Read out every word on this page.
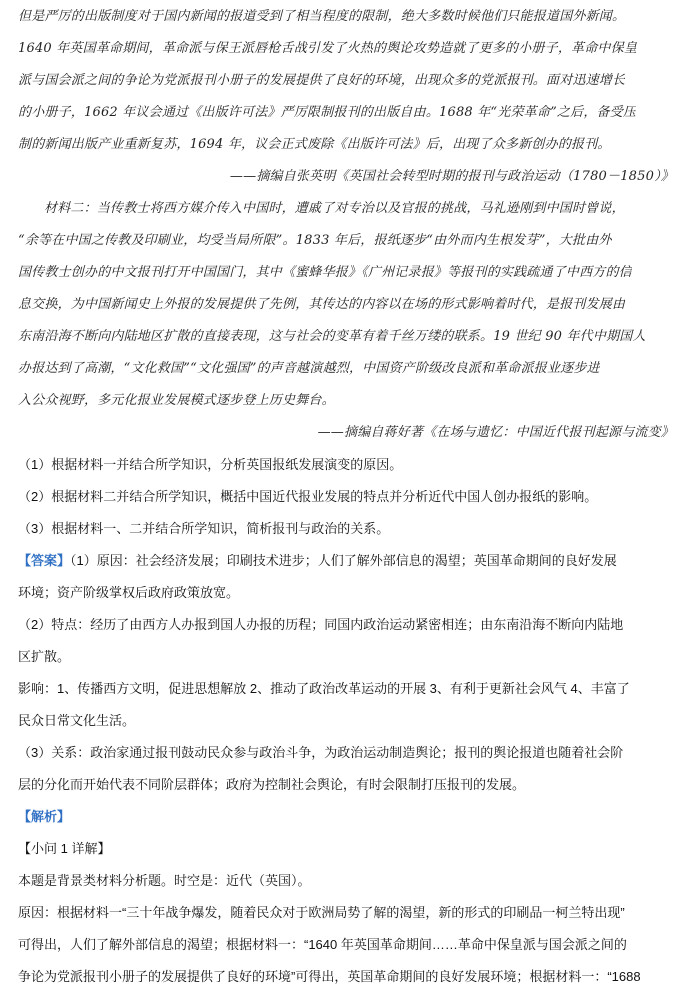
但是严厉的出版制度对于国内新闻的报道受到了相当程度的限制，绝大多数时候他们只能报道国外新闻。
1640 年英国革命期间，革命派与保王派唇枪舌战引发了火热的舆论攻势造就了更多的小册子，革命中保皇
派与国会派之间的争论为党派报刊小册子的发展提供了良好的环境，出现众多的党派报刊。面对迅速增长
的小册子，1662 年议会通过《出版许可法》严厉限制报刊的出版自由。1688 年“光荣革命”之后，备受压
制的新闻出版产业重新复苏，1694 年，议会正式废除《出版许可法》后，出现了众多新创办的报刊。
——摘编自张英明《英国社会转型时期的报刊与政治运动（1780－1850）》
材料二：当传教士将西方媒介传入中国时，遭戚了对专治以及官报的挑战，马礼逊刚到中国时曾说，
“余等在中国之传教及印刷业，均受当局所限”。1833 年后，报纸逐步“由外而内生根发芽”，大批由外
国传教士创办的中文报刊打开中国国门，其中《蜜蜂华报》《广州记录报》等报刊的实践疏通了中西方的信
息交换，为中国新闻史上外报的发展提供了先例，其传达的内容以在场的形式影响着时代，是报刊发展由
东南沿海不断向内陆地区扩散的直接表现，这与社会的变革有着千丝万缕的联系。19 世纪 90 年代中期国人
办报达到了高潮，“文化救国”“文化强国”的声音越演越烈，中国资产阶级改良派和革命派报业逐步进
入公众视野，多元化报业发展模式逐步登上历史舞台。
——摘编自蒋好著《在场与遗忆：中国近代报刊起源与流变》
（1）根据材料一并结合所学知识，分析英国报纸发展演变的原因。
（2）根据材料二并结合所学知识，概括中国近代报业发展的特点并分析近代中国人创办报纸的影响。
（3）根据材料一、二并结合所学知识，简析报刊与政治的关系。
【答案】（1）原因：社会经济发展；印刷技术进步；人们了解外部信息的渴望；英国革命期间的良好发展
环境；资产阶级掌权后政府政策放宽。
（2）特点：经历了由西方人办报到国人办报的历程；同国内政治运动紧密相连；由东南沿海不断向内陆地
区扩散。
影响：1、传播西方文明，促进思想解放 2、推动了政治改革运动的开展 3、有利于更新社会风气 4、丰富了
民众日常文化生活。
（3）关系：政治家通过报刊鼓动民众参与政治斗争，为政治运动制造舆论；报刊的舆论报道也随着社会阶
层的分化而开始代表不同阶层群体；政府为控制社会舆论，有时会限制打压报刊的发展。
【解析】
【小问 1 详解】
本题是背景类材料分析题。时空是：近代（英国）。
原因：根据材料一“三十年战争爆发，随着民众对于欧洲局势了解的渴望，新的形式的印刷品一柯兰特出现”
可得出，人们了解外部信息的渴望；根据材料一：“1640 年英国革命期间……革命中保皇派与国会派之间的
争论为党派报刊小册子的发展提供了良好的环境”可得出，英国革命期间的良好发展环境；根据材料一：“1688
